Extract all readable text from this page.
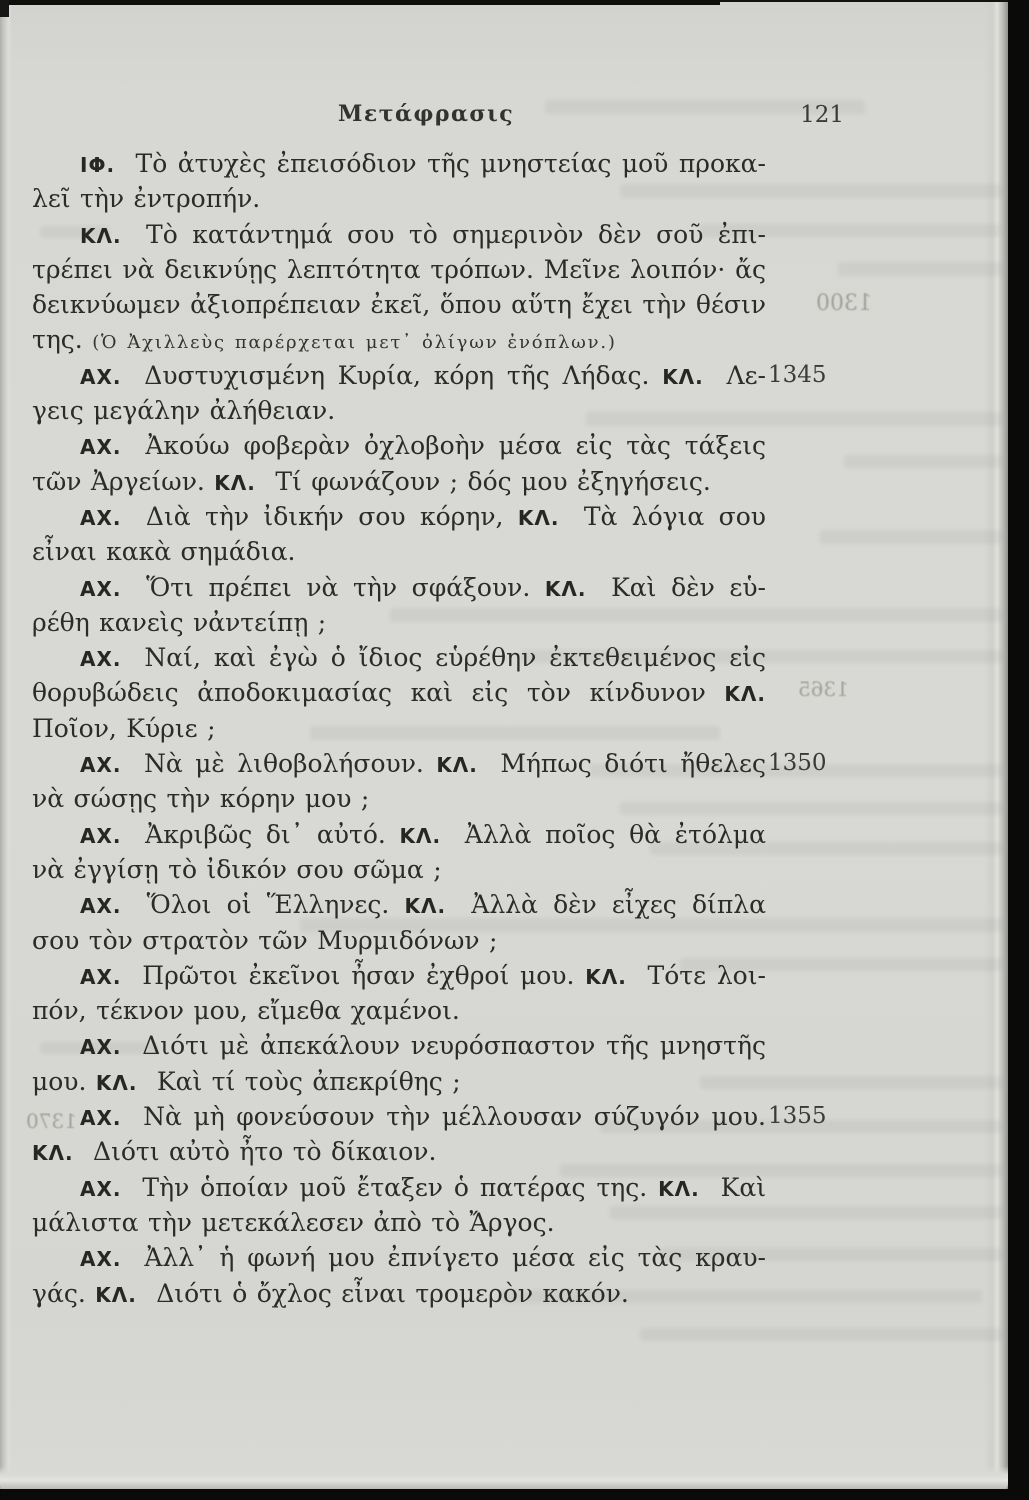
1300
1365
1370
Μετάφρασις	121
ΙΦ. Τὸ ἀτυχὲς ἐπεισόδιον τῆς μνηστείας μοῦ προκα-
λεῖ τὴν ἐντροπήν.
ΚΛ. Τὸ κατάντημά σου τὸ σημερινὸν δὲν σοῦ ἐπι-
τρέπει νὰ δεικνύῃς λεπτότητα τρόπων. Μεῖνε λοιπόν· ἄς
δεικνύωμεν ἀξιοπρέπειαν ἐκεῖ, ὅπου αὕτη ἔχει τὴν θέσιν
της. (Ὁ Ἀχιλλεὺς παρέρχεται μετ᾽ ὀλίγων ἐνόπλων.)
ΑΧ. Δυστυχισμένη Κυρία, κόρη τῆς Λήδας. ΚΛ. Λε- 1345
γεις μεγάλην ἀλήθειαν.
ΑΧ. Ἀκούω φοβερὰν ὀχλοβοὴν μέσα εἰς τὰς τάξεις
τῶν Ἀργείων. ΚΛ. Τί φωνάζουν ; δός μου ἐξηγήσεις.
ΑΧ. Διὰ τὴν ἰδικήν σου κόρην, ΚΛ. Τὰ λόγια σου
εἶναι κακὰ σημάδια.
ΑΧ. Ὅτι πρέπει νὰ τὴν σφάξουν. ΚΛ. Καὶ δὲν εὑ-
ρέθη κανεὶς νἀντείπῃ ;
ΑΧ. Ναί, καὶ ἐγὼ ὁ ἴδιος εὑρέθην ἐκτεθειμένος εἰς
θορυβώδεις ἀποδοκιμασίας καὶ εἰς τὸν κίνδυνον ΚΛ.
Ποῖον, Κύριε ;
ΑΧ. Νὰ μὲ λιθοβολήσουν. ΚΛ. Μήπως διότι ἤθελες 1350
νὰ σώσῃς τὴν κόρην μου ;
ΑΧ. Ἀκριβῶς δι᾽ αὐτό. ΚΛ. Ἀλλὰ ποῖος θὰ ἐτόλμα
νὰ ἐγγίσῃ τὸ ἰδικόν σου σῶμα ;
ΑΧ. Ὅλοι οἱ Ἕλληνες. ΚΛ. Ἀλλὰ δὲν εἶχες δίπλα
σου τὸν στρατὸν τῶν Μυρμιδόνων ;
ΑΧ. Πρῶτοι ἐκεῖνοι ἦσαν ἐχθροί μου. ΚΛ. Τότε λοι-
πόν, τέκνον μου, εἴμεθα χαμένοι.
ΑΧ. Διότι μὲ ἀπεκάλουν νευρόσπαστον τῆς μνηστῆς
μου. ΚΛ. Καὶ τί τοὺς ἀπεκρίθης ;
ΑΧ. Νὰ μὴ φονεύσουν τὴν μέλλουσαν σύζυγόν μου. 1355
ΚΛ. Διότι αὐτὸ ἦτο τὸ δίκαιον.
ΑΧ. Τὴν ὁποίαν μοῦ ἔταξεν ὁ πατέρας της. ΚΛ. Καὶ
μάλιστα τὴν μετεκάλεσεν ἀπὸ τὸ Ἄργος.
ΑΧ. Ἀλλ᾽ ἡ φωνή μου ἐπνίγετο μέσα εἰς τὰς κραυ-
γάς. ΚΛ. Διότι ὁ ὄχλος εἶναι τρομερὸν κακόν.
